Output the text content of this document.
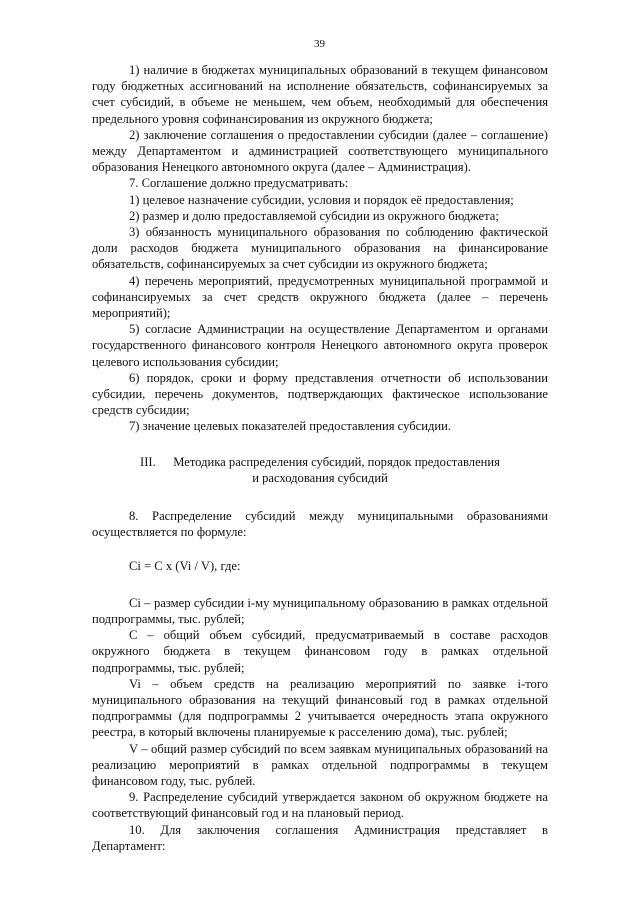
39

1) наличие в бюджетах муниципальных образований в текущем финансовом году бюджетных ассигнований на исполнение обязательств, софинансируемых за счет субсидий, в объеме не меньшем, чем объем, необходимый для обеспечения предельного уровня софинансирования из окружного бюджета;

2) заключение соглашения о предоставлении субсидии (далее – соглашение) между Департаментом и администрацией соответствующего муниципального образования Ненецкого автономного округа (далее – Администрация).

7. Соглашение должно предусматривать:

1) целевое назначение субсидии, условия и порядок её предоставления;

2) размер и долю предоставляемой субсидии из окружного бюджета;

3) обязанность муниципального образования по соблюдению фактической доли расходов бюджета муниципального образования на финансирование обязательств, софинансируемых за счет субсидии из окружного бюджета;

4) перечень мероприятий, предусмотренных муниципальной программой и софинансируемых за счет средств окружного бюджета (далее – перечень мероприятий);

5) согласие Администрации на осуществление Департаментом и органами государственного финансового контроля Ненецкого автономного округа проверок целевого использования субсидии;

6) порядок, сроки и форму представления отчетности об использовании субсидии, перечень документов, подтверждающих фактическое использование средств субсидии;

7) значение целевых показателей предоставления субсидии.

III. Методика распределения субсидий, порядок предоставления
и расходования субсидий

8. Распределение субсидий между муниципальными образованиями осуществляется по формуле:

Ci = C x (Vi / V), где:

Ci – размер субсидии i-му муниципальному образованию в рамках отдельной подпрограммы, тыс. рублей;

C – общий объем субсидий, предусматриваемый в составе расходов окружного бюджета в текущем финансовом году в рамках отдельной подпрограммы, тыс. рублей;

Vi – объем средств на реализацию мероприятий по заявке i-того муниципального образования на текущий финансовый год в рамках отдельной подпрограммы (для подпрограммы 2 учитывается очередность этапа окружного реестра, в который включены планируемые к расселению дома), тыс. рублей;

V – общий размер субсидий по всем заявкам муниципальных образований на реализацию мероприятий в рамках отдельной подпрограммы в текущем финансовом году, тыс. рублей.

9. Распределение субсидий утверждается законом об окружном бюджете на соответствующий финансовый год и на плановый период.

10. Для заключения соглашения Администрация представляет в Департамент:
